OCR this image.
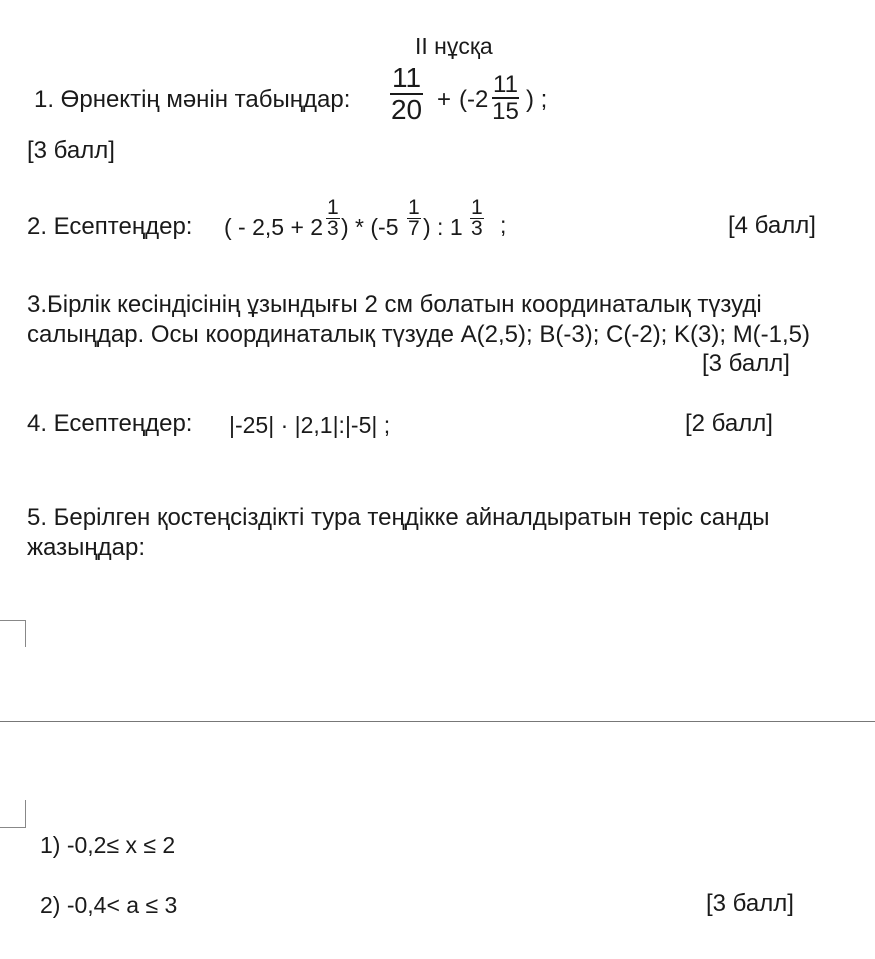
II нұсқа
1. Өрнектің мәнін табыңдар: $\frac{11}{20} + (-2 \frac{11}{15}$ ) ;
[3 балл]
2. Есептеңдер: ( - $2,5 + 2 \frac{1}{3}$ ) * ($-5 \frac{1}{7}$ ) : $1 \frac{1}{3}$ ;	[4 балл]
3.Бірлік кесіндісінің ұзындығы 2 см болатын координаталық түзуді
салыңдар. Осы координаталық түзуде A(2,5); B(-3); C(-2); K(3); M(-1,5)
[3 балл]
4. Есептеңдер: |-25| · |2,1|:|-5| ;	[2 балл]
5. Берілген қостеңсіздікті тура теңдікке айналдыратын теріс санды
жазыңдар:
1) -0,2≤ x ≤ 2
2) -0,4< a ≤ 3	[3 балл]
